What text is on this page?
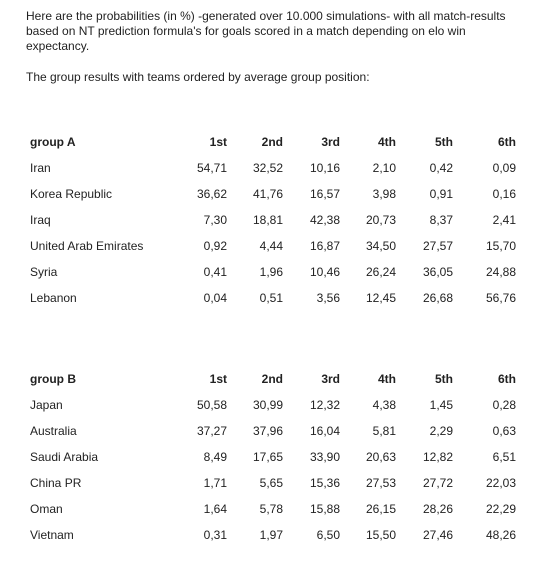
Here are the probabilities (in %) -generated over 10.000 simulations- with all match-results based on NT prediction formula's for goals scored in a match depending on elo win expectancy.

The group results with teams ordered by average group position:

group A	1st	2nd	3rd	4th	5th	6th
Iran	54,71	32,52	10,16	2,10	0,42	0,09
Korea Republic	36,62	41,76	16,57	3,98	0,91	0,16
Iraq	7,30	18,81	42,38	20,73	8,37	2,41
United Arab Emirates	0,92	4,44	16,87	34,50	27,57	15,70
Syria	0,41	1,96	10,46	26,24	36,05	24,88
Lebanon	0,04	0,51	3,56	12,45	26,68	56,76
group B	1st	2nd	3rd	4th	5th	6th
Japan	50,58	30,99	12,32	4,38	1,45	0,28
Australia	37,27	37,96	16,04	5,81	2,29	0,63
Saudi Arabia	8,49	17,65	33,90	20,63	12,82	6,51
China PR	1,71	5,65	15,36	27,53	27,72	22,03
Oman	1,64	5,78	15,88	26,15	28,26	22,29
Vietnam	0,31	1,97	6,50	15,50	27,46	48,26
